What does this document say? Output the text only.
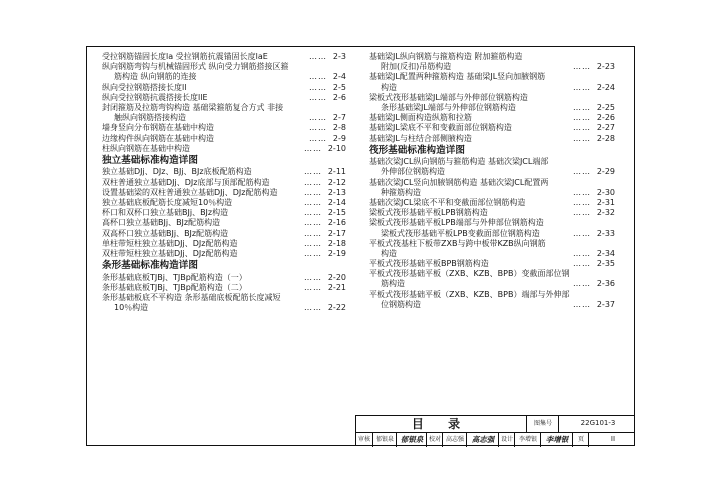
受拉钢筋锚固长度la 受拉钢筋抗震锚固长度laE	…… 2-3
纵向钢筋弯钩与机械锚固形式 纵向受力钢筋搭接区箍
筋构造 纵向钢筋的连接	…… 2-4
纵向受拉钢筋搭接长度ll	…… 2-5
纵向受拉钢筋抗震搭接长度llE	…… 2-6
封闭箍筋及拉筋弯钩构造 基础梁箍筋复合方式 非接
触纵向钢筋搭接构造	…… 2-7
墙身竖向分布钢筋在基础中构造	…… 2-8
边缘构件纵向钢筋在基础中构造	…… 2-9
柱纵向钢筋在基础中构造	…… 2-10
独立基础标准构造详图
独立基础DJj、DJz、BJj、BJz底板配筋构造	…… 2-11
双柱普通独立基础DJj、DJz底部与顶部配筋构造	…… 2-12
设置基础梁的双柱普通独立基础DJj、DJz配筋构造	…… 2-13
独立基础底板配筋长度减短10％构造	…… 2-14
杯口和双杯口独立基础BJj、BJz构造	…… 2-15
高杯口独立基础BJj、BJz配筋构造	…… 2-16
双高杯口独立基础BJj、BJz配筋构造	…… 2-17
单柱带短柱独立基础DJj、DJz配筋构造	…… 2-18
双柱带短柱独立基础DJj、DJz配筋构造	…… 2-19
条形基础标准构造详图
条形基础底板TJBj、TJBp配筋构造（一）	…… 2-20
条形基础底板TJBj、TJBp配筋构造（二）	…… 2-21
条形基础板底不平构造 条形基础底板配筋长度减短
10％构造	…… 2-22
基础梁JL纵向钢筋与箍筋构造 附加箍筋构造
附加(反扣)吊筋构造	…… 2-23
基础梁JL配置两种箍筋构造 基础梁JL竖向加腋钢筋
构造	…… 2-24
梁板式筏形基础梁JL端部与外伸部位钢筋构造
条形基础梁JL端部与外伸部位钢筋构造	…… 2-25
基础梁JL侧面构造纵筋和拉筋	…… 2-26
基础梁JL梁底不平和变截面部位钢筋构造	…… 2-27
基础梁JL与柱结合部侧腋构造	…… 2-28
筏形基础标准构造详图
基础次梁JCL纵向钢筋与箍筋构造 基础次梁JCL端部
外伸部位钢筋构造	…… 2-29
基础次梁JCL竖向加腋钢筋构造 基础次梁JCL配置两
种箍筋构造	…… 2-30
基础次梁JCL梁底不平和变截面部位钢筋构造	…… 2-31
梁板式筏形基础平板LPB钢筋构造	…… 2-32
梁板式筏形基础平板LPB端部与外伸部位钢筋构造
梁板式筏形基础平板LPB变截面部位钢筋构造	…… 2-33
平板式筏基柱下板带ZXB与跨中板带KZB纵向钢筋
构造	…… 2-34
平板式筏形基础平板BPB钢筋构造	…… 2-35
平板式筏形基础平板（ZXB、KZB、BPB）变截面部位钢
筋构造	…… 2-36
平板式筏形基础平板（ZXB、KZB、BPB）端部与外伸部
位钢筋构造	…… 2-37
目 录	图集号	22G101-3
审核 郁银泉 郁银泉 校对 高志强	高志强	设计 李增银	李增银	页	II
